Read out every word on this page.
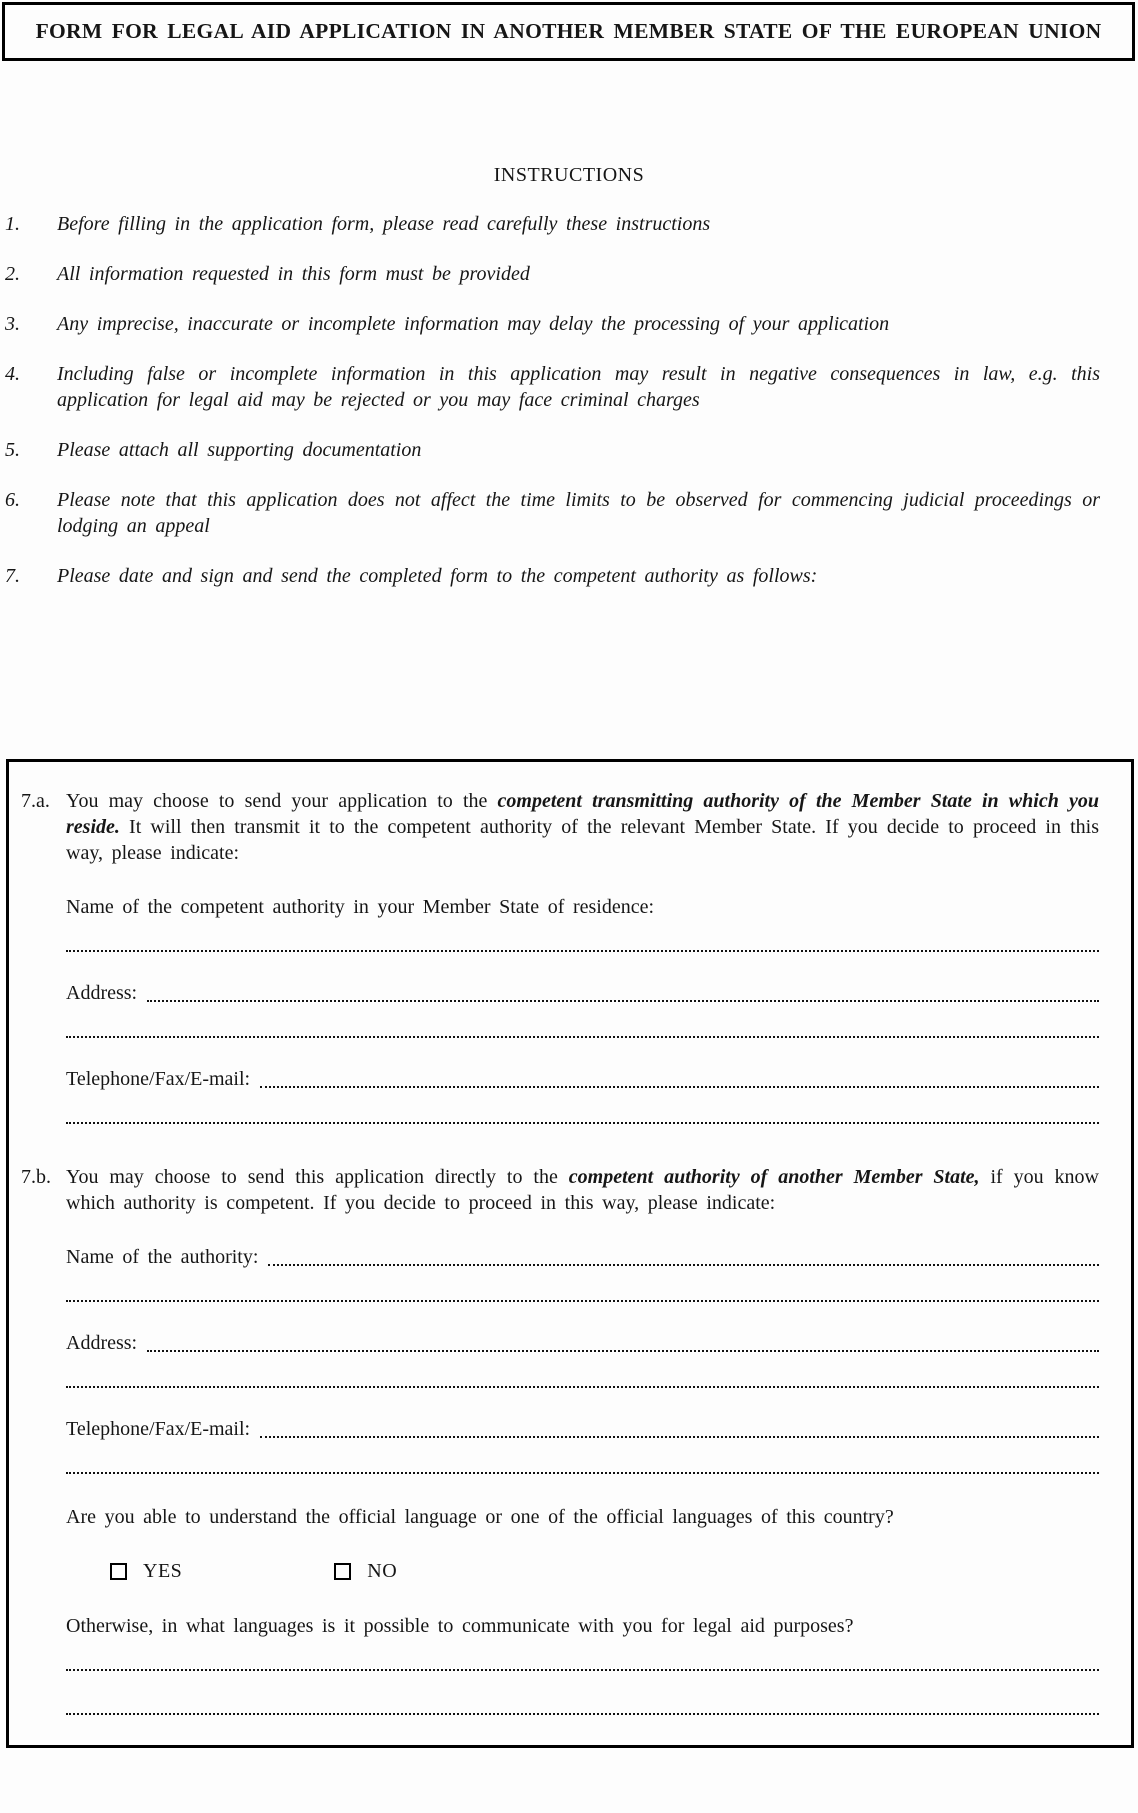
FORM FOR LEGAL AID APPLICATION IN ANOTHER MEMBER STATE OF THE EUROPEAN UNION

INSTRUCTIONS

1.	Before filling in the application form, please read carefully these instructions
2.	All information requested in this form must be provided
3.	Any imprecise, inaccurate or incomplete information may delay the processing of your application
4.	Including false or incomplete information in this application may result in negative consequences in law, e.g. this application for legal aid may be rejected or you may face criminal charges
5.	Please attach all supporting documentation
6.	Please note that this application does not affect the time limits to be observed for commencing judicial proceedings or lodging an appeal
7.	Please date and sign and send the completed form to the competent authority as follows:
7.a. You may choose to send your application to the competent transmitting authority of the Member State in which you reside. It will then transmit it to the competent authority of the relevant Member State. If you decide to proceed in this way, please indicate:

Name of the competent authority in your Member State of residence:
Address:
Telephone/Fax/E-mail:
7.b. You may choose to send this application directly to the competent authority of another Member State, if you know which authority is competent. If you decide to proceed in this way, please indicate:

Name of the authority:
Address:
Telephone/Fax/E-mail:
Are you able to understand the official language or one of the official languages of this country?
YES	NO
Otherwise, in what languages is it possible to communicate with you for legal aid purposes?
